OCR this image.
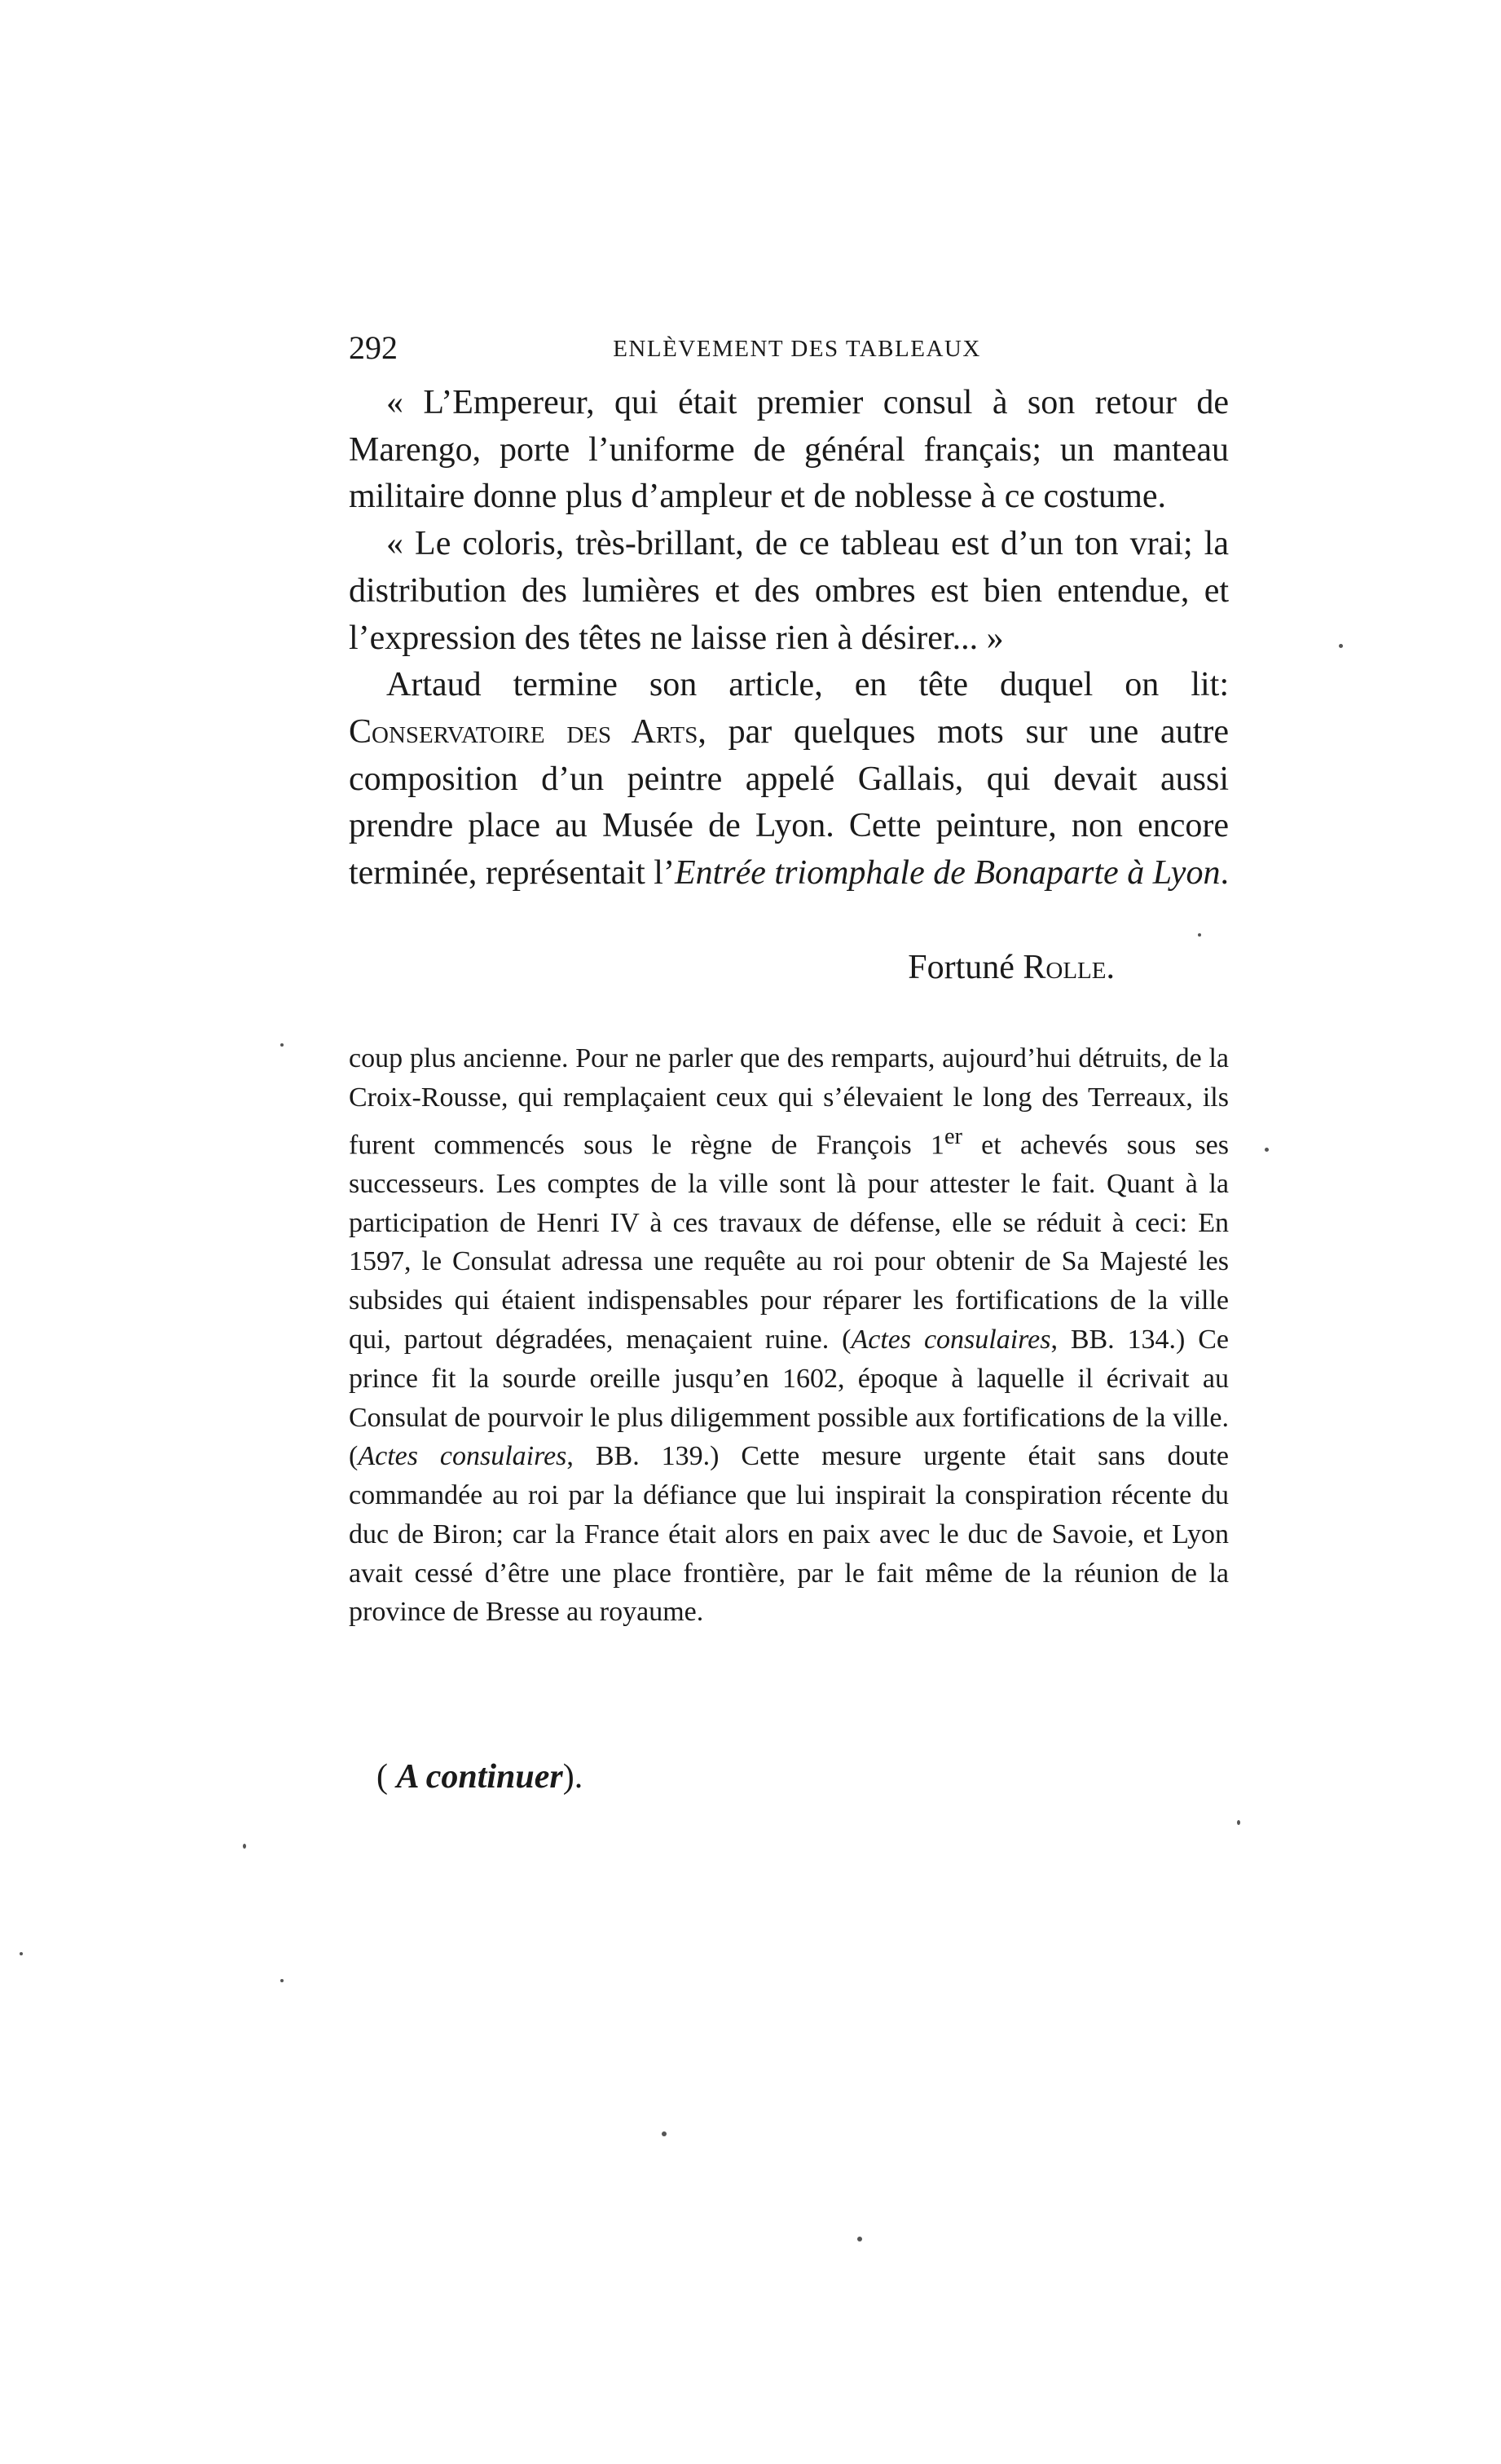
292	ENLÈVEMENT DES TABLEAUX

« L’Empereur, qui était premier consul à son retour de Marengo, porte l’uniforme de général français; un manteau militaire donne plus d’ampleur et de noblesse à ce costume.

« Le coloris, très-brillant, de ce tableau est d’un ton vrai; la distribution des lumières et des ombres est bien entendue, et l’expression des têtes ne laisse rien à désirer... »

Artaud termine son article, en tête duquel on lit: Conservatoire des Arts, par quelques mots sur une autre composition d’un peintre appelé Gallais, qui devait aussi prendre place au Musée de Lyon. Cette peinture, non encore terminée, représentait l’Entrée triomphale de Bonaparte à Lyon.

Fortuné Rolle.

coup plus ancienne. Pour ne parler que des remparts, aujourd’hui détruits, de la Croix-Rousse, qui remplaçaient ceux qui s’élevaient le long des Terreaux, ils furent commencés sous le règne de François 1er et achevés sous ses successeurs. Les comptes de la ville sont là pour attester le fait. Quant à la participation de Henri IV à ces travaux de défense, elle se réduit à ceci: En 1597, le Consulat adressa une requête au roi pour obtenir de Sa Majesté les subsides qui étaient indispensables pour réparer les fortifications de la ville qui, partout dégradées, menaçaient ruine. (Actes consulaires, BB. 134.) Ce prince fit la sourde oreille jusqu’en 1602, époque à laquelle il écrivait au Consulat de pourvoir le plus diligemment possible aux fortifications de la ville. (Actes consulaires, BB. 139.) Cette mesure urgente était sans doute commandée au roi par la défiance que lui inspirait la conspiration récente du duc de Biron; car la France était alors en paix avec le duc de Savoie, et Lyon avait cessé d’être une place frontière, par le fait même de la réunion de la province de Bresse au royaume.

( A continuer).
